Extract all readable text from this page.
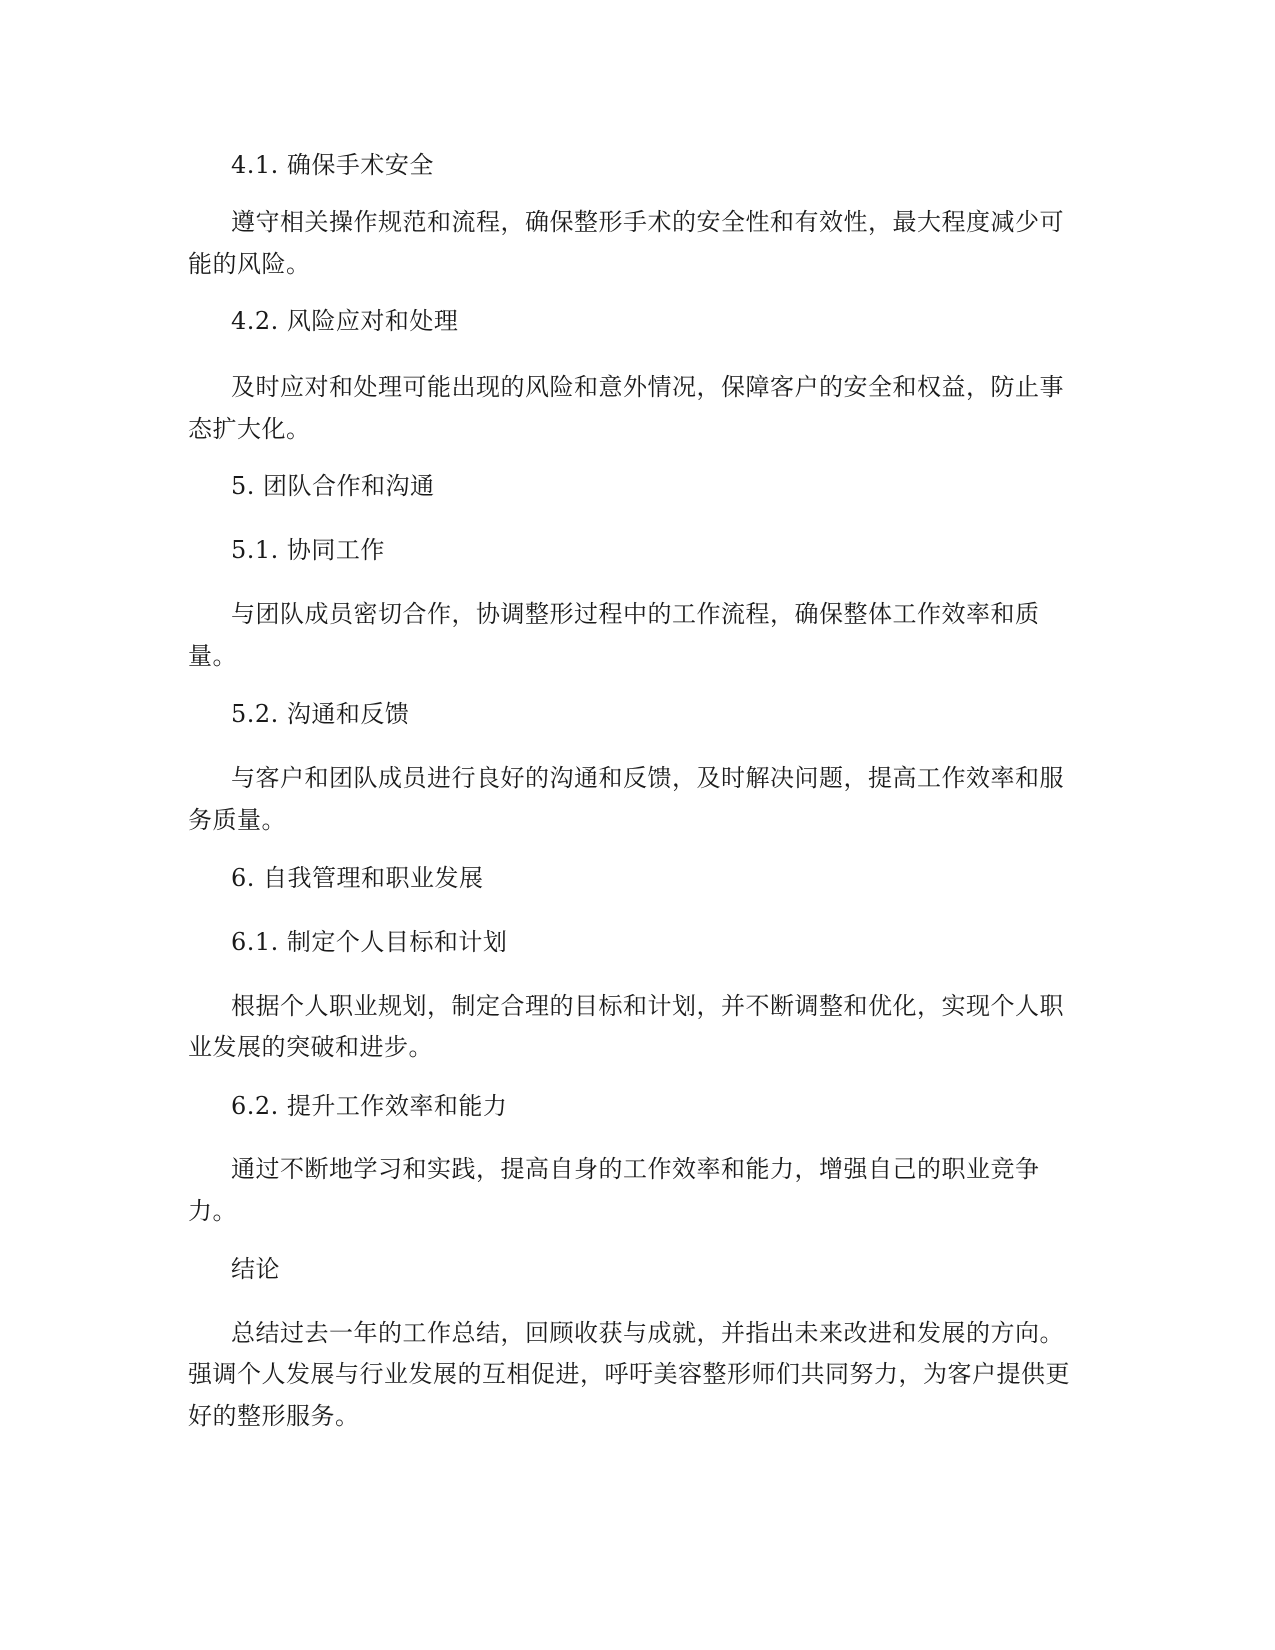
4.1. 确保手术安全
遵守相关操作规范和流程，确保整形手术的安全性和有效性，最大程度减少可
能的风险。
4.2. 风险应对和处理
及时应对和处理可能出现的风险和意外情况，保障客户的安全和权益，防止事
态扩大化。
5. 团队合作和沟通
5.1. 协同工作
与团队成员密切合作，协调整形过程中的工作流程，确保整体工作效率和质
量。
5.2. 沟通和反馈
与客户和团队成员进行良好的沟通和反馈，及时解决问题，提高工作效率和服
务质量。
6. 自我管理和职业发展
6.1. 制定个人目标和计划
根据个人职业规划，制定合理的目标和计划，并不断调整和优化，实现个人职
业发展的突破和进步。
6.2. 提升工作效率和能力
通过不断地学习和实践，提高自身的工作效率和能力，增强自己的职业竞争
力。
结论
总结过去一年的工作总结，回顾收获与成就，并指出未来改进和发展的方向。
强调个人发展与行业发展的互相促进，呼吁美容整形师们共同努力，为客户提供更
好的整形服务。
